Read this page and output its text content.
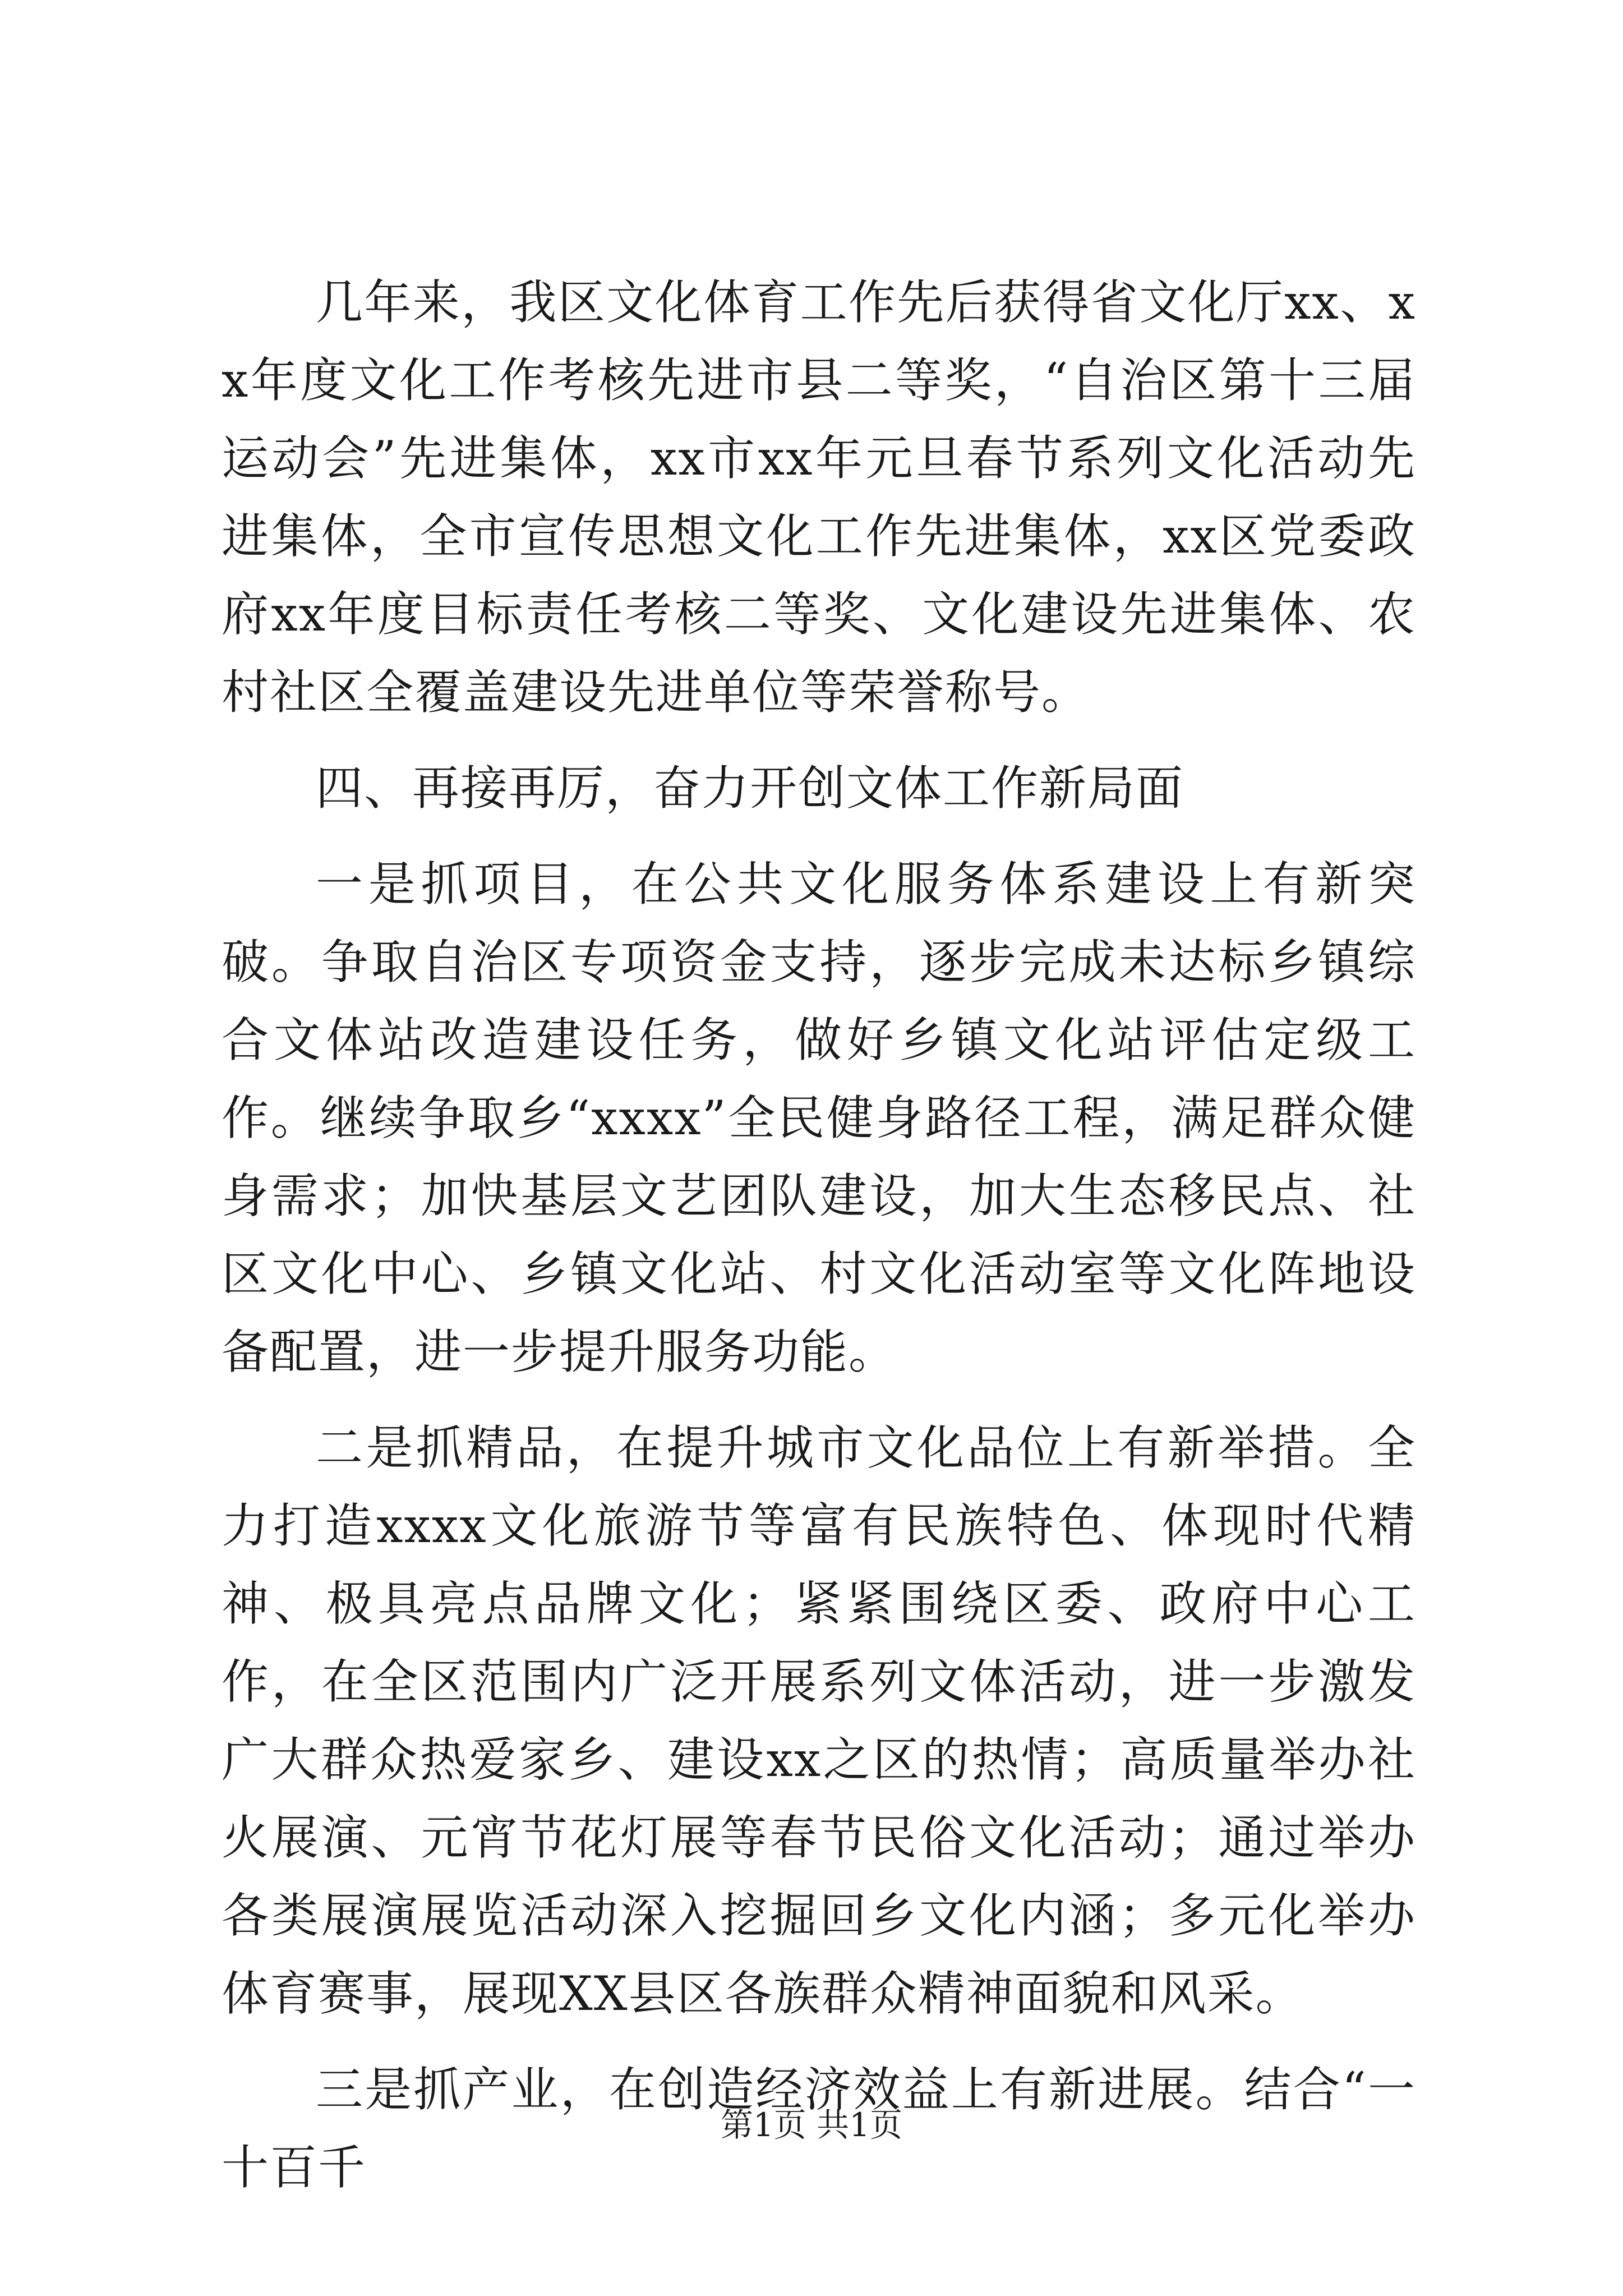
几年来，我区文化体育工作先后获得省文化厅xx、xx年度文化工作考核先进市县二等奖，“自治区第十三届运动会”先进集体，xx市xx年元旦春节系列文化活动先进集体，全市宣传思想文化工作先进集体，xx区党委政府xx年度目标责任考核二等奖、文化建设先进集体、农村社区全覆盖建设先进单位等荣誉称号。

四、再接再厉，奋力开创文体工作新局面

一是抓项目，在公共文化服务体系建设上有新突破。争取自治区专项资金支持，逐步完成未达标乡镇综合文体站改造建设任务，做好乡镇文化站评估定级工作。继续争取乡“xxxx”全民健身路径工程，满足群众健身需求；加快基层文艺团队建设，加大生态移民点、社区文化中心、乡镇文化站、村文化活动室等文化阵地设备配置，进一步提升服务功能。

二是抓精品，在提升城市文化品位上有新举措。全力打造xxxx文化旅游节等富有民族特色、体现时代精神、极具亮点品牌文化；紧紧围绕区委、政府中心工作，在全区范围内广泛开展系列文体活动，进一步激发广大群众热爱家乡、建设xx之区的热情；高质量举办社火展演、元宵节花灯展等春节民俗文化活动；通过举办各类展演展览活动深入挖掘回乡文化内涵；多元化举办体育赛事，展现XX县区各族群众精神面貌和风采。

三是抓产业，在创造经济效益上有新进展。结合“一十百千

第1页 共1页
